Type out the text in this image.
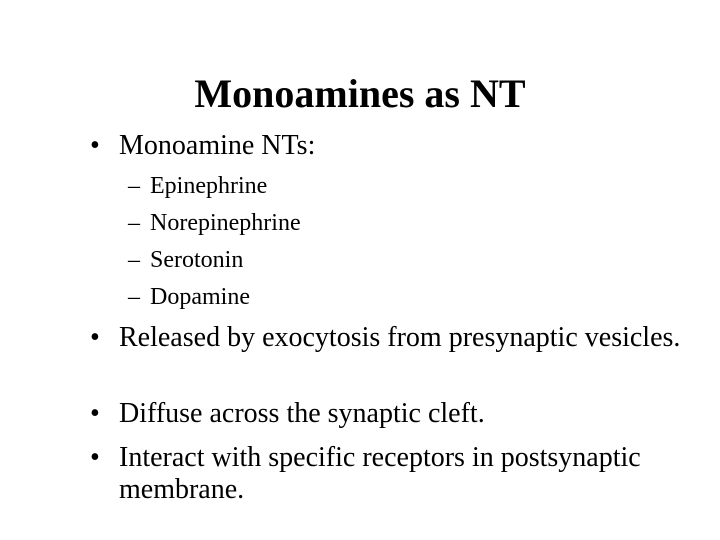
Monoamines as NT
• Monoamine NTs:
– Epinephrine
– Norepinephrine
– Serotonin
– Dopamine
• Released by exocytosis from presynaptic vesicles.
• Diffuse across the synaptic cleft.
• Interact with specific receptors in postsynaptic membrane.
